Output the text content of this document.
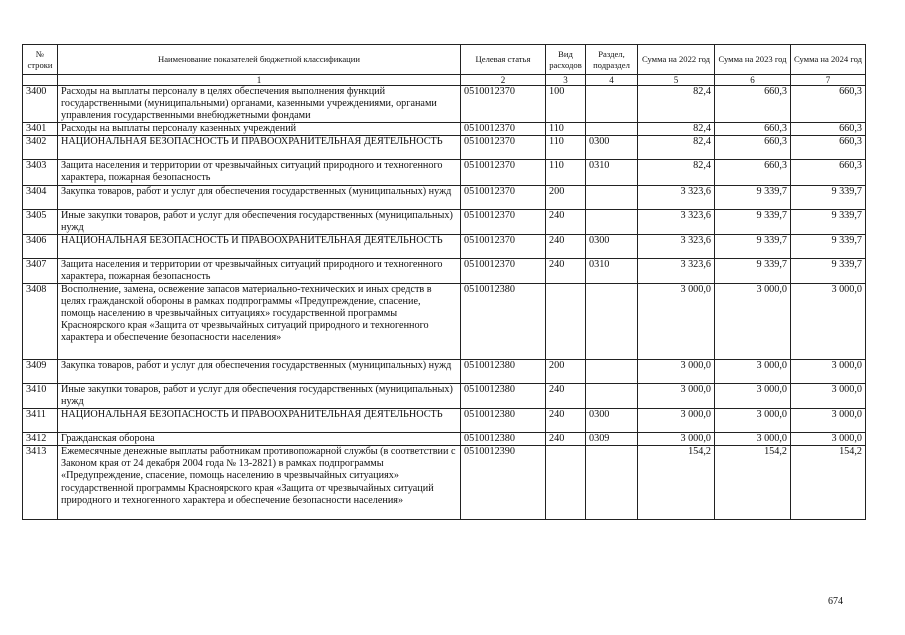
№ строки	Наименование показателей бюджетной классификации	Целевая статья	Вид расходов	Раздел, подраздел	Сумма на 2022 год	Сумма на 2023 год	Сумма на 2024 год
	1	2	3	4	5	6	7
3400	Расходы на выплаты персоналу в целях обеспечения выполнения функций государственными (муниципальными) органами, казенными учреждениями, органами управления государственными внебюджетными фондами	0510012370	100		82,4	660,3	660,3
3401	Расходы на выплаты персоналу казенных учреждений	0510012370	110		82,4	660,3	660,3
3402	НАЦИОНАЛЬНАЯ БЕЗОПАСНОСТЬ И ПРАВООХРАНИТЕЛЬНАЯ ДЕЯТЕЛЬНОСТЬ	0510012370	110	0300	82,4	660,3	660,3
3403	Защита населения и территории от чрезвычайных ситуаций природного и техногенного характера, пожарная безопасность	0510012370	110	0310	82,4	660,3	660,3
3404	Закупка товаров, работ и услуг для обеспечения государственных (муниципальных) нужд	0510012370	200		3 323,6	9 339,7	9 339,7
3405	Иные закупки товаров, работ и услуг для обеспечения государственных (муниципальных) нужд	0510012370	240		3 323,6	9 339,7	9 339,7
3406	НАЦИОНАЛЬНАЯ БЕЗОПАСНОСТЬ И ПРАВООХРАНИТЕЛЬНАЯ ДЕЯТЕЛЬНОСТЬ	0510012370	240	0300	3 323,6	9 339,7	9 339,7
3407	Защита населения и территории от чрезвычайных ситуаций природного и техногенного характера, пожарная безопасность	0510012370	240	0310	3 323,6	9 339,7	9 339,7
3408	Восполнение, замена, освежение запасов материально-технических и иных средств в целях гражданской обороны в рамках подпрограммы «Предупреждение, спасение, помощь населению в чрезвычайных ситуациях» государственной программы Красноярского края «Защита от чрезвычайных ситуаций природного и техногенного характера и обеспечение безопасности населения»	0510012380			3 000,0	3 000,0	3 000,0
3409	Закупка товаров, работ и услуг для обеспечения государственных (муниципальных) нужд	0510012380	200		3 000,0	3 000,0	3 000,0
3410	Иные закупки товаров, работ и услуг для обеспечения государственных (муниципальных) нужд	0510012380	240		3 000,0	3 000,0	3 000,0
3411	НАЦИОНАЛЬНАЯ БЕЗОПАСНОСТЬ И ПРАВООХРАНИТЕЛЬНАЯ ДЕЯТЕЛЬНОСТЬ	0510012380	240	0300	3 000,0	3 000,0	3 000,0
3412	Гражданская оборона	0510012380	240	0309	3 000,0	3 000,0	3 000,0
3413	Ежемесячные денежные выплаты работникам противопожарной службы (в соответствии с Законом края от 24 декабря 2004 года № 13-2821) в рамках подпрограммы «Предупреждение, спасение, помощь населению в чрезвычайных ситуациях» государственной программы Красноярского края «Защита от чрезвычайных ситуаций природного и техногенного характера и обеспечение безопасности населения»	0510012390			154,2	154,2	154,2
674
